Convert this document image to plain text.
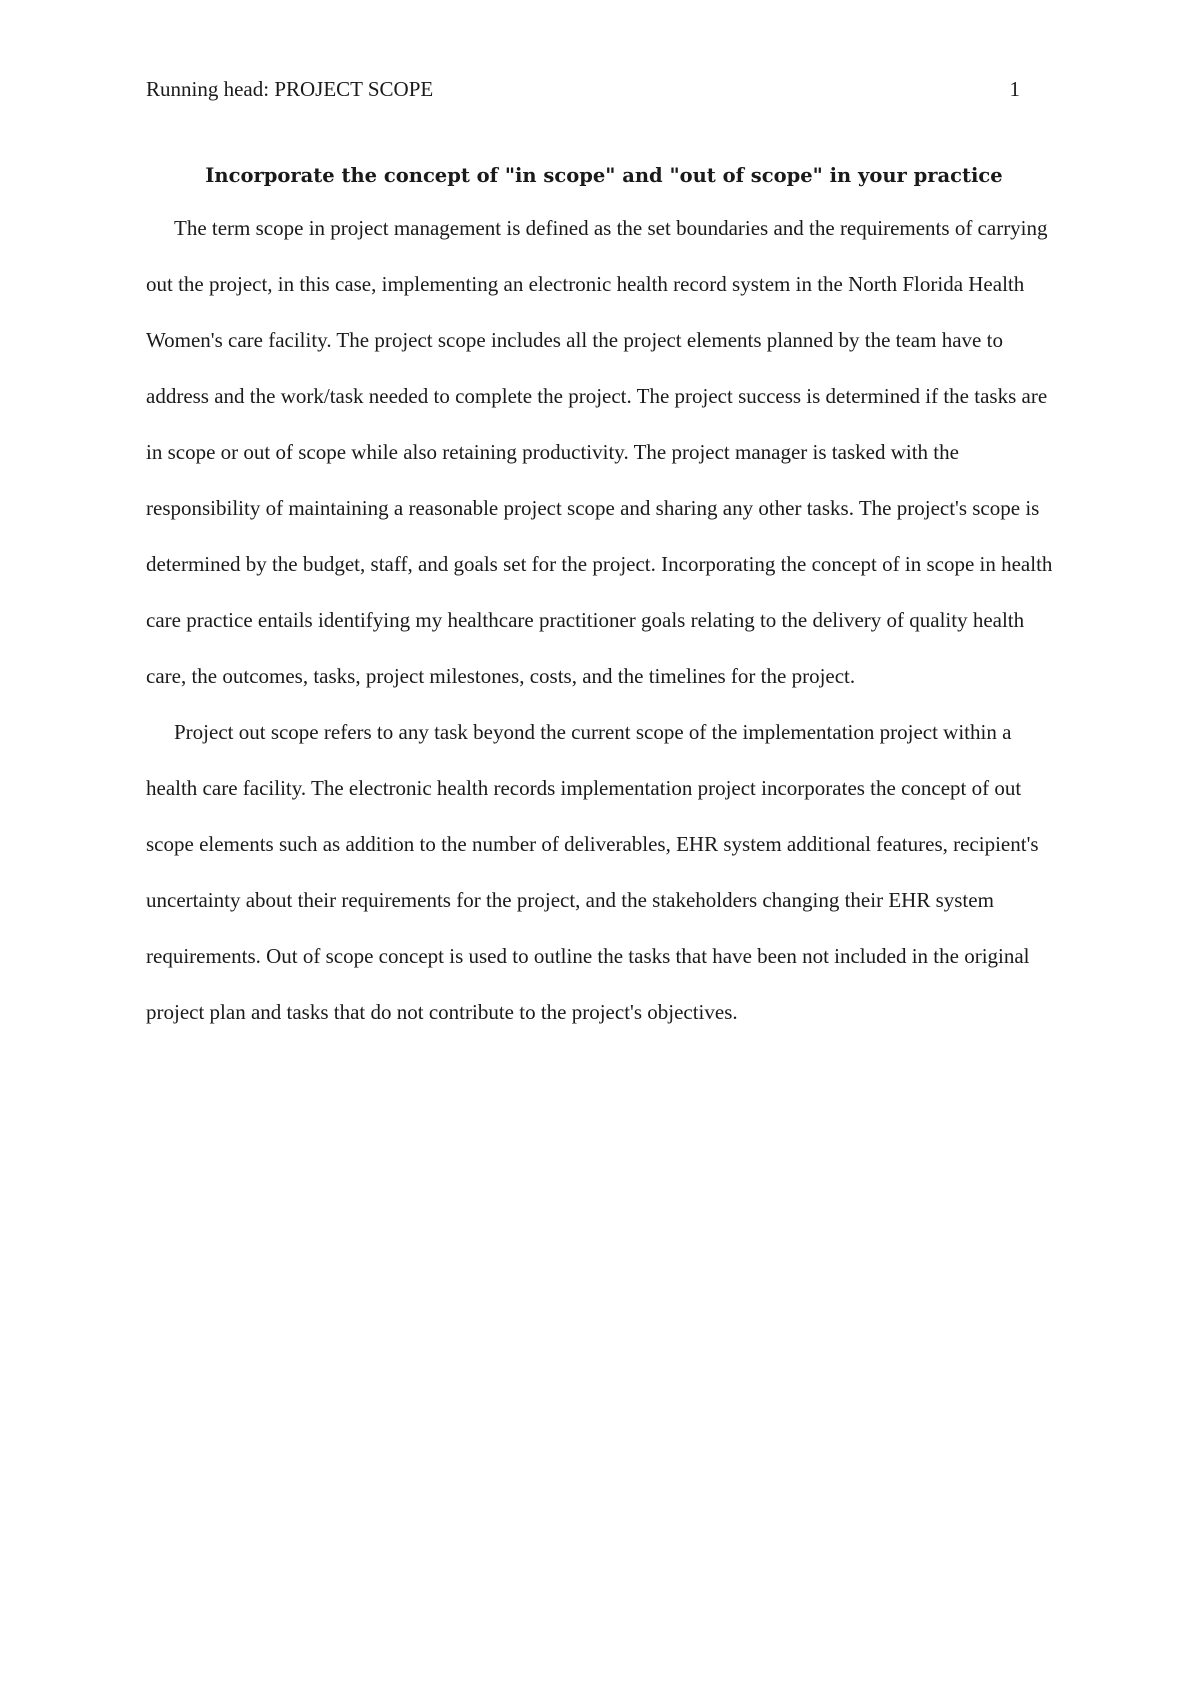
Running head: PROJECT SCOPE	1
Incorporate the concept of "in scope" and "out of scope" in your practice

The term scope in project management is defined as the set boundaries and the requirements of carrying out the project, in this case, implementing an electronic health record system in the North Florida Health Women's care facility. The project scope includes all the project elements planned by the team have to address and the work/task needed to complete the project. The project success is determined if the tasks are in scope or out of scope while also retaining productivity. The project manager is tasked with the responsibility of maintaining a reasonable project scope and sharing any other tasks. The project's scope is determined by the budget, staff, and goals set for the project. Incorporating the concept of in scope in health care practice entails identifying my healthcare practitioner goals relating to the delivery of quality health care, the outcomes, tasks, project milestones, costs, and the timelines for the project.

Project out scope refers to any task beyond the current scope of the implementation project within a health care facility. The electronic health records implementation project incorporates the concept of out scope elements such as addition to the number of deliverables, EHR system additional features, recipient's uncertainty about their requirements for the project, and the stakeholders changing their EHR system requirements. Out of scope concept is used to outline the tasks that have been not included in the original project plan and tasks that do not contribute to the project's objectives.
